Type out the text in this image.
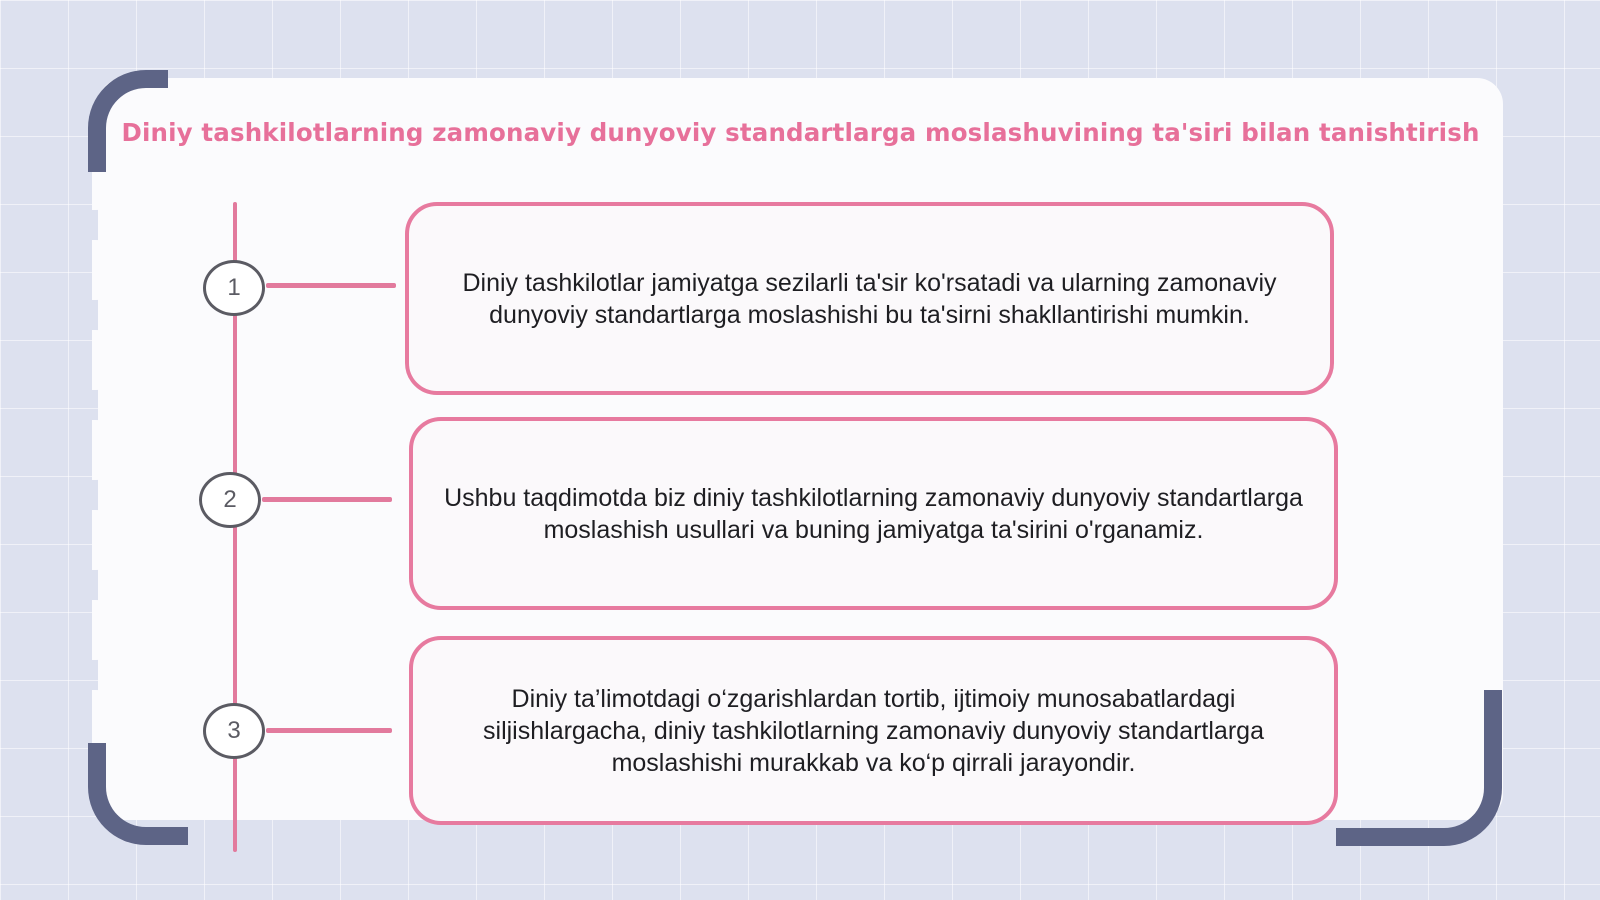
Diniy tashkilotlarning zamonaviy dunyoviy standartlarga moslashuvining ta'siri bilan tanishtirish
1
2
3
Diniy tashkilotlar jamiyatga sezilarli ta'sir ko'rsatadi va ularning zamonaviy dunyoviy standartlarga moslashishi bu ta'sirni shakllantirishi mumkin.
Ushbu taqdimotda biz diniy tashkilotlarning zamonaviy dunyoviy standartlarga moslashish usullari va buning jamiyatga ta'sirini o'rganamiz.
Diniy ta’limotdagi o‘zgarishlardan tortib, ijtimoiy munosabatlardagi siljishlargacha, diniy tashkilotlarning zamonaviy dunyoviy standartlarga moslashishi murakkab va ko‘p qirrali jarayondir.
